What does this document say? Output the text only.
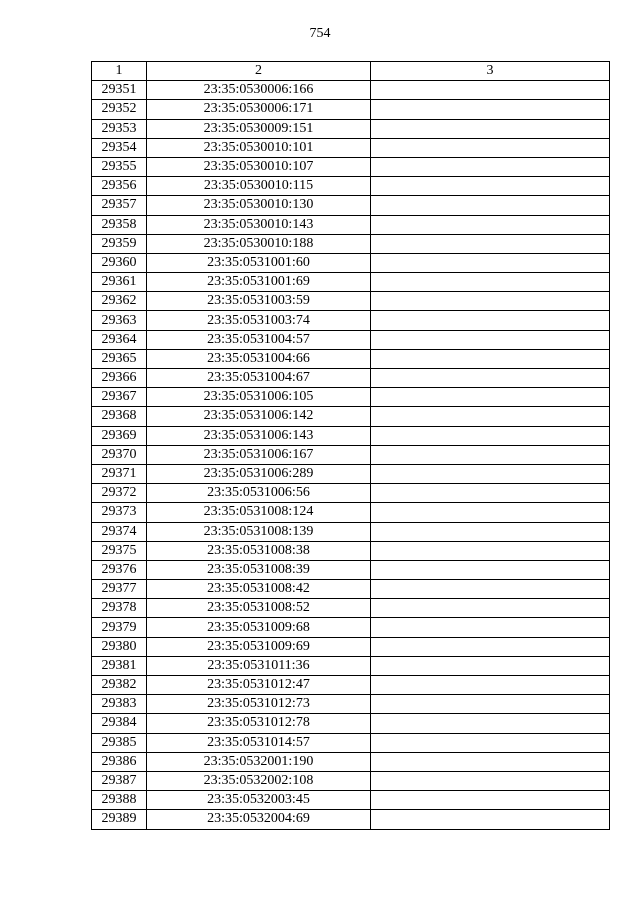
754
1	2	3
29351	23:35:0530006:166	
29352	23:35:0530006:171	
29353	23:35:0530009:151	
29354	23:35:0530010:101	
29355	23:35:0530010:107	
29356	23:35:0530010:115	
29357	23:35:0530010:130	
29358	23:35:0530010:143	
29359	23:35:0530010:188	
29360	23:35:0531001:60	
29361	23:35:0531001:69	
29362	23:35:0531003:59	
29363	23:35:0531003:74	
29364	23:35:0531004:57	
29365	23:35:0531004:66	
29366	23:35:0531004:67	
29367	23:35:0531006:105	
29368	23:35:0531006:142	
29369	23:35:0531006:143	
29370	23:35:0531006:167	
29371	23:35:0531006:289	
29372	23:35:0531006:56	
29373	23:35:0531008:124	
29374	23:35:0531008:139	
29375	23:35:0531008:38	
29376	23:35:0531008:39	
29377	23:35:0531008:42	
29378	23:35:0531008:52	
29379	23:35:0531009:68	
29380	23:35:0531009:69	
29381	23:35:0531011:36	
29382	23:35:0531012:47	
29383	23:35:0531012:73	
29384	23:35:0531012:78	
29385	23:35:0531014:57	
29386	23:35:0532001:190	
29387	23:35:0532002:108	
29388	23:35:0532003:45	
29389	23:35:0532004:69	
